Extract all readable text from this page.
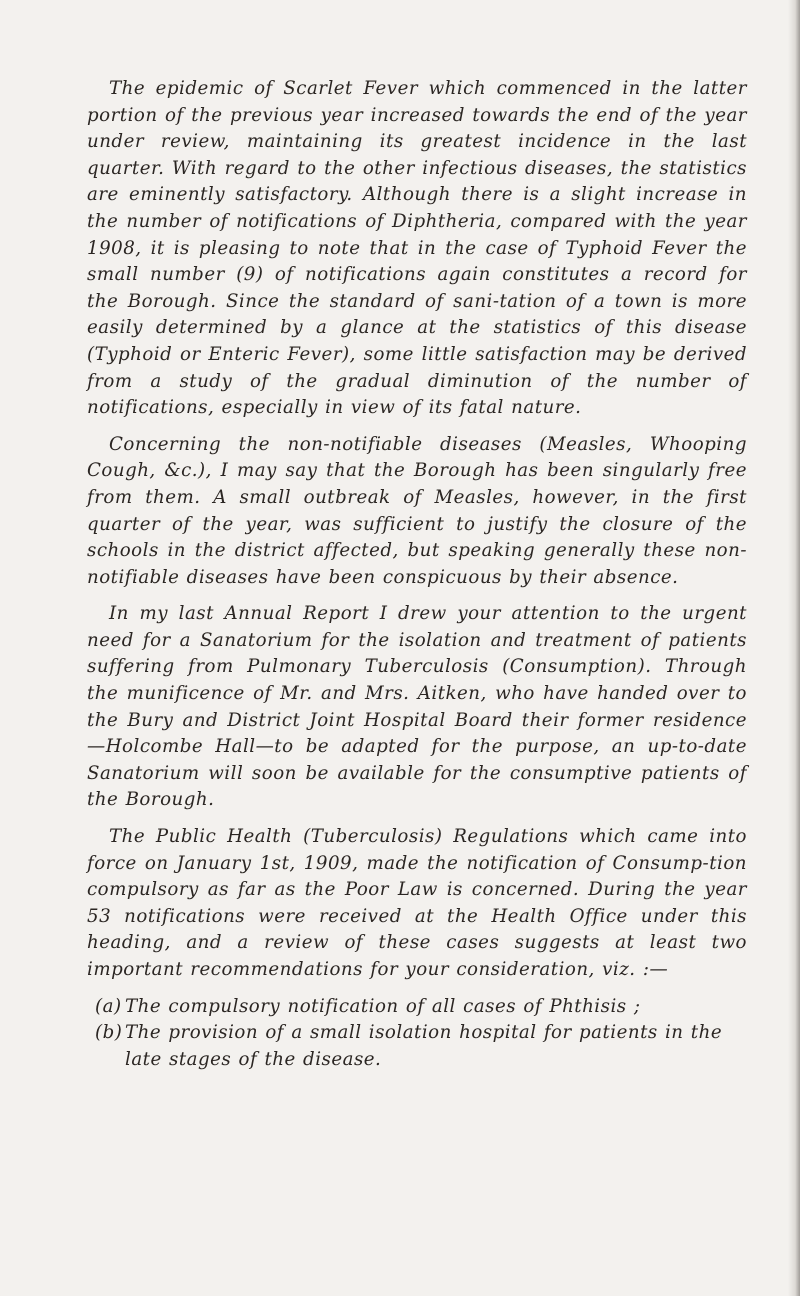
The epidemic of Scarlet Fever which commenced in the latter portion of the previous year increased towards the end of the year under review, maintaining its greatest incidence in the last quarter. With regard to the other infectious diseases, the statistics are eminently satisfactory. Although there is a slight increase in the number of notifications of Diphtheria, compared with the year 1908, it is pleasing to note that in the case of Typhoid Fever the small number (9) of notifications again constitutes a record for the Borough. Since the standard of sani-tation of a town is more easily determined by a glance at the statistics of this disease (Typhoid or Enteric Fever), some little satisfaction may be derived from a study of the gradual diminution of the number of notifications, especially in view of its fatal nature.

Concerning the non-notifiable diseases (Measles, Whooping Cough, &c.), I may say that the Borough has been singularly free from them. A small outbreak of Measles, however, in the first quarter of the year, was sufficient to justify the closure of the schools in the district affected, but speaking generally these non-notifiable diseases have been conspicuous by their absence.

In my last Annual Report I drew your attention to the urgent need for a Sanatorium for the isolation and treatment of patients suffering from Pulmonary Tuberculosis (Consumption). Through the munificence of Mr. and Mrs. Aitken, who have handed over to the Bury and District Joint Hospital Board their former residence—Holcombe Hall—to be adapted for the purpose, an up-to-date Sanatorium will soon be available for the consumptive patients of the Borough.

The Public Health (Tuberculosis) Regulations which came into force on January 1st, 1909, made the notification of Consump-tion compulsory as far as the Poor Law is concerned. During the year 53 notifications were received at the Health Office under this heading, and a review of these cases suggests at least two important recommendations for your consideration, viz. :—

(a) The compulsory notification of all cases of Phthisis ;
(b) The provision of a small isolation hospital for patients in the late stages of the disease.
